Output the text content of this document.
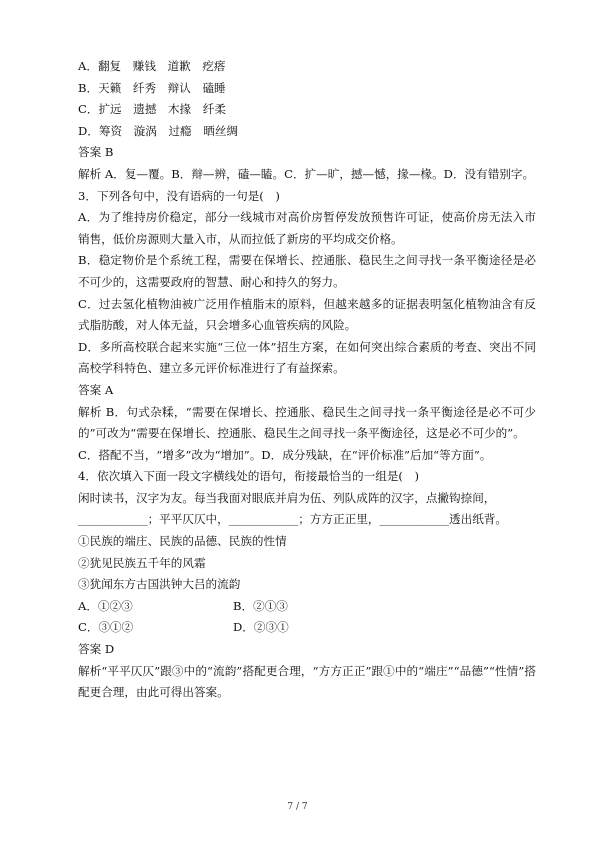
A．翻复　赚钱　道歉　疙瘩
B．天籁　纤秀　辩认　磕睡
C．扩远　遗撼　木掾　纤柔
D．筹资　漩涡　过瘾　晒丝绸
答案 B
解析 A．复—覆。B．辩—辨，磕—瞌。C．扩—旷，撼—憾，掾—椽。D．没有错别字。
3．下列各句中，没有语病的一句是(　)
A．为了维持房价稳定，部分一线城市对高价房暂停发放预售许可证，使高价房无法入市销售，低价房源则大量入市，从而拉低了新房的平均成交价格。
B．稳定物价是个系统工程，需要在保增长、控通胀、稳民生之间寻找一条平衡途径是必不可少的，这需要政府的智慧、耐心和持久的努力。
C．过去氢化植物油被广泛用作植脂末的原料，但越来越多的证据表明氢化植物油含有反式脂肪酸，对人体无益，只会增多心血管疾病的风险。
D．多所高校联合起来实施“三位一体”招生方案，在如何突出综合素质的考查、突出不同高校学科特色、建立多元评价标准进行了有益探索。
答案 A
解析 B．句式杂糅，“需要在保增长、控通胀、稳民生之间寻找一条平衡途径是必不可少的”可改为“需要在保增长、控通胀、稳民生之间寻找一条平衡途径，这是必不可少的”。
C．搭配不当，“增多”改为“增加”。D．成分残缺，在“评价标准”后加“等方面”。
4．依次填入下面一段文字横线处的语句，衔接最恰当的一组是(　)
闲时读书，汉字为友。每当我面对眼底并肩为伍、列队成阵的汉字，点撇钩捺间，
____________；平平仄仄中，____________；方方正正里，____________透出纸背。
①民族的端庄、民族的品德、民族的性情
②犹见民族五千年的风霜
③犹闻东方古国洪钟大吕的流韵
A．①②③	B．②①③
C．③①②	D．②③①
答案 D
解析“平平仄仄”跟③中的“流韵”搭配更合理，“方方正正”跟①中的“端庄”“品德”“性情”搭配更合理，由此可得出答案。
7 / 7
